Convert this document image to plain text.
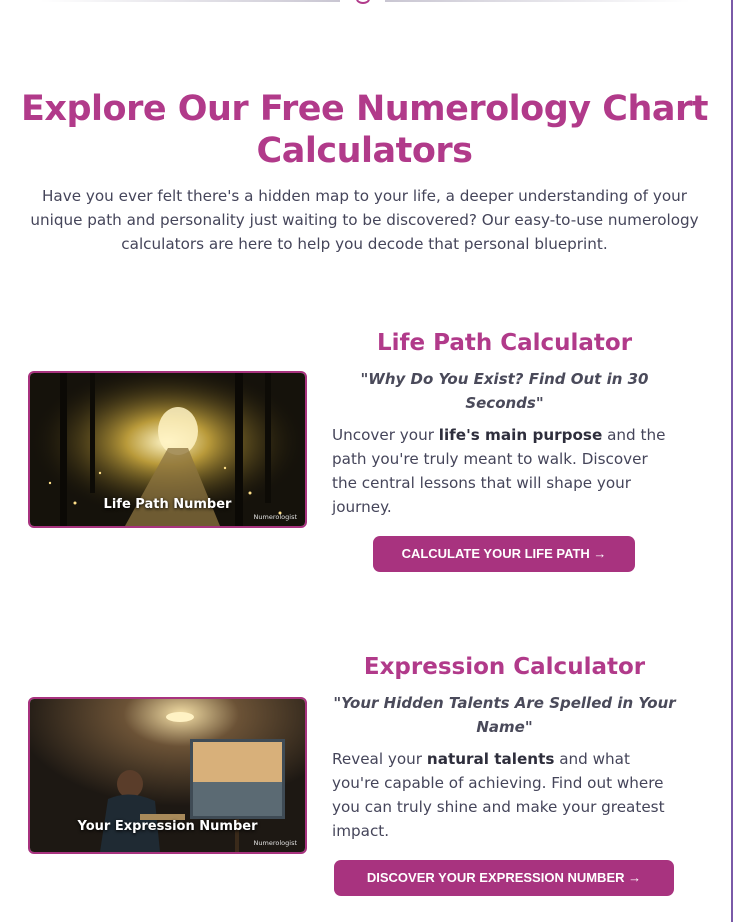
Explore Our Free Numerology Chart Calculators

Have you ever felt there's a hidden map to your life, a deeper understanding of your unique path and personality just waiting to be discovered? Our easy-to-use numerology calculators are here to help you decode that personal blueprint.

Life Path Number
Numerologist
Life Path Calculator
"Why Do You Exist? Find Out in 30 Seconds"

Uncover your life's main purpose and the path you're truly meant to walk. Discover the central lessons that will shape your journey.

CALCULATE YOUR LIFE PATH →
Your Expression Number
Numerologist
Expression Calculator
"Your Hidden Talents Are Spelled in Your Name"

Reveal your natural talents and what you're capable of achieving. Find out where you can truly shine and make your greatest impact.

DISCOVER YOUR EXPRESSION NUMBER →
